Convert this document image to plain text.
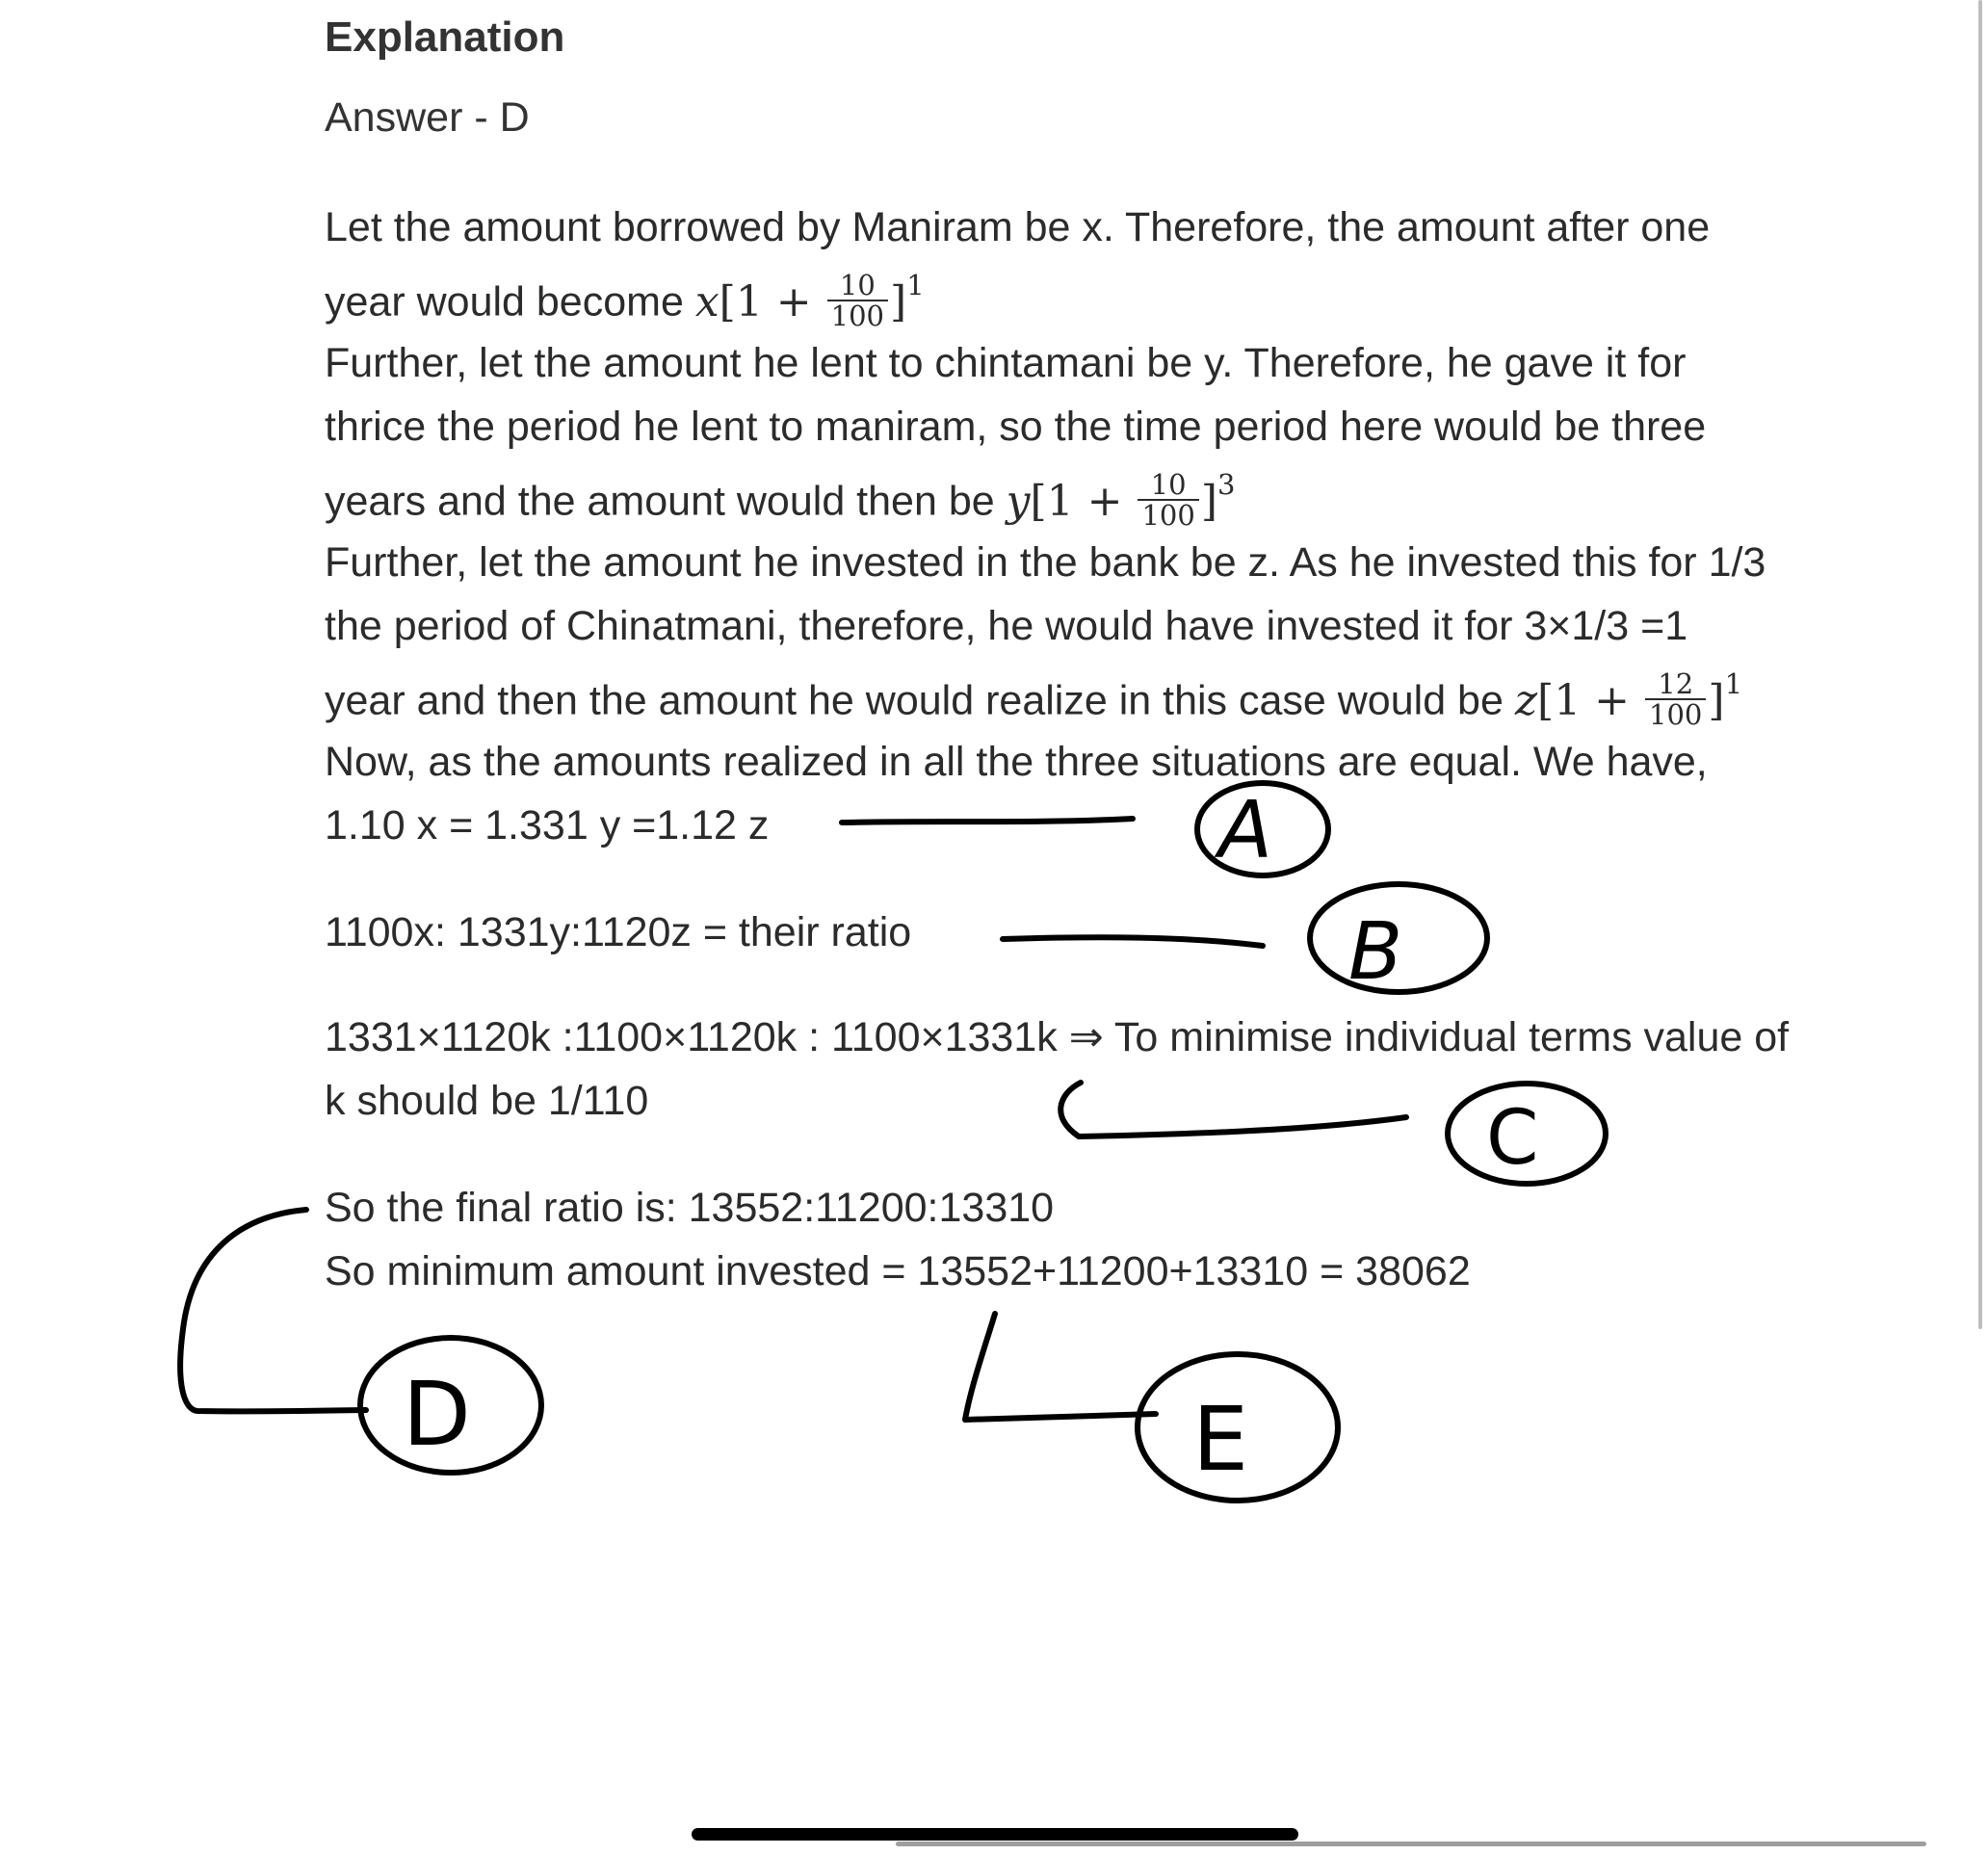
Explanation
Answer - D
Let the amount borrowed by Maniram be x. Therefore, the amount after one
year would become $x[1 + \frac{10}{100} ]^1$
Further, let the amount he lent to chintamani be y. Therefore, he gave it for
thrice the period he lent to maniram, so the time period here would be three
years and the amount would then be $y[1 + \frac{10}{100} ]^3$
Further, let the amount he invested in the bank be z. As he invested this for 1/3
the period of Chinatmani, therefore, he would have invested it for 3×1/3 =1
year and then the amount he would realize in this case would be $z[1 + \frac{12}{100} ]^1$
Now, as the amounts realized in all the three situations are equal. We have,
1.10 x = 1.331 y =1.12 z
1100x: 1331y:1120z = their ratio
1331×1120k :1100×1120k : 1100×1331k ⇒ To minimise individual terms value of
k should be 1/110
So the final ratio is: 13552:11200:13310
So minimum amount invested = 13552+11200+13310 = 38062
A
B
C
D	E
